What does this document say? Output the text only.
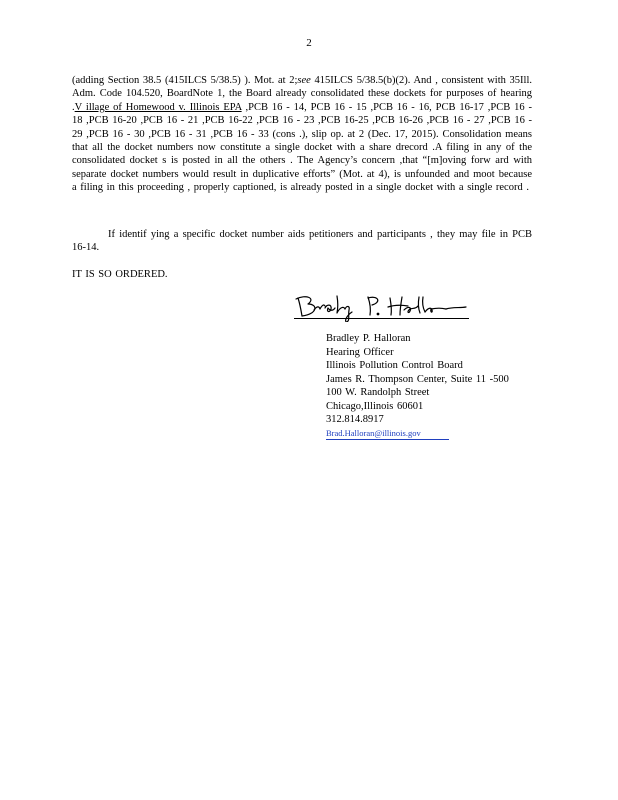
2
(adding Section 38.5 (415ILCS 5/38.5) ). Mot. at 2;see 415ILCS 5/38.5(b)(2). And , consistent with 35Ill. Adm. Code 104.520, BoardNote 1, the Board already consolidated these dockets for purposes of hearing .V illage of Homewood v. Illinois EPA ,PCB 16 - 14, PCB 16 - 15 ,PCB 16 - 16, PCB 16-17 ,PCB 16 - 18 ,PCB 16-20 ,PCB 16 - 21 ,PCB 16-22 ,PCB 16 - 23 ,PCB 16-25 ,PCB 16-26 ,PCB 16 - 27 ,PCB 16 - 29 ,PCB 16 - 30 ,PCB 16 - 31 ,PCB 16 - 33 (cons .), slip op. at 2 (Dec. 17, 2015). Consolidation means that all the docket numbers now constitute a single docket with a share drecord .A filing in any of the consolidated docket s is posted in all the others . The Agency’s concern ,that “[m]oving forw ard with separate docket numbers would result in duplicative efforts” (Mot. at 4), is unfounded and moot because a filing in this proceeding , properly captioned, is already posted in a single docket with a single record .
If identif ying a specific docket number aids petitioners and participants , they may file in PCB 16-14.
IT IS SO ORDERED.
Bradley P. Halloran
Hearing Officer
Illinois Pollution Control Board
James R. Thompson Center, Suite 11 -500
100 W. Randolph Street
Chicago,Illinois 60601
312.814.8917
Brad.Halloran@illinois.gov
